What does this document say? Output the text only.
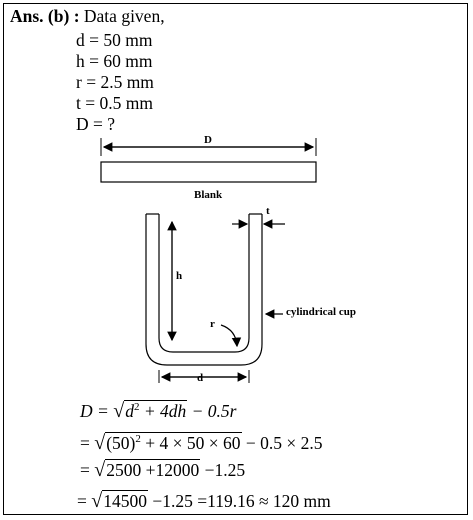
Ans. (b) : Data given,
d = 50 mm
h = 60 mm
r = 2.5 mm
t = 0.5 mm
D = ?
D
Blank
t
h
r
cylindrical cup
d
$D = √d^2 + 4dh - 0.5r$
= $√(50)^2 + 4 \times 50 \times 60 - 0.5 \times 2.5$
= √2500 +12000 −1.25
= √14500 −1.25 =119.16 ≈ 120 mm
